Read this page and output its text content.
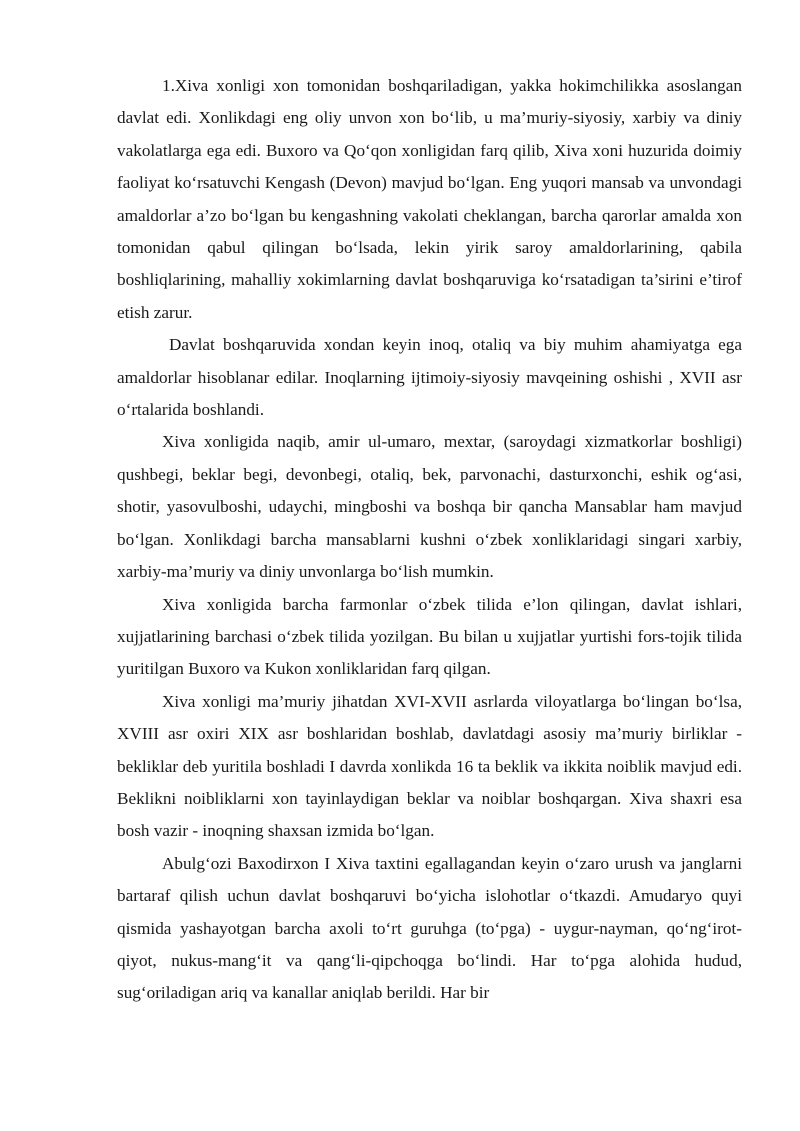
1.Xiva xonligi xon tomonidan boshqariladigan, yakka hokimchilikka asoslangan davlat edi. Xonlikdagi eng oliy unvon xon bo‘lib, u ma’muriy-siyosiy, xarbiy va diniy vakolatlarga ega edi. Buxoro va Qo‘qon xonligidan farq qilib, Xiva xoni huzurida doimiy faoliyat ko‘rsatuvchi Kengash (Devon) mavjud bo‘lgan. Eng yuqori mansab va unvondagi amaldorlar a’zo bo‘lgan bu kengashning vakolati cheklangan, barcha qarorlar amalda xon tomonidan qabul qilingan bo‘lsada, lekin yirik saroy amaldorlarining, qabila boshliqlarining, mahalliy xokimlarning davlat boshqaruviga ko‘rsatadigan ta’sirini e’tirof etish zarur.

Davlat boshqaruvida xondan keyin inoq, otaliq va biy muhim ahamiyatga ega amaldorlar hisoblanar edilar. Inoqlarning ijtimoiy-siyosiy mavqeining oshishi , XVII asr o‘rtalarida boshlandi.

Xiva xonligida naqib, amir ul-umaro, mextar, (saroydagi xizmatkorlar boshligi) qushbegi, beklar begi, devonbegi, otaliq, bek, parvonachi, dasturxonchi, eshik og‘asi, shotir, yasovulboshi, udaychi, mingboshi va boshqa bir qancha Mansablar ham mavjud bo‘lgan. Xonlikdagi barcha mansablarni kushni o‘zbek xonliklaridagi singari xarbiy, xarbiy-ma’muriy va diniy unvonlarga bo‘lish mumkin.

Xiva xonligida barcha farmonlar o‘zbek tilida e’lon qilingan, davlat ishlari, xujjatlarining barchasi o‘zbek tilida yozilgan. Bu bilan u xujjatlar yurtishi fors-tojik tilida yuritilgan Buxoro va Kukon xonliklaridan farq qilgan.

Xiva xonligi ma’muriy jihatdan XVI-XVII asrlarda viloyatlarga bo‘lingan bo‘lsa, XVIII asr oxiri XIX asr boshlaridan boshlab, davlatdagi asosiy ma’muriy birliklar - bekliklar deb yuritila boshladi I davrda xonlikda 16 ta beklik va ikkita noiblik mavjud edi. Beklikni noibliklarni xon tayinlaydigan beklar va noiblar boshqargan. Xiva shaxri esa bosh vazir - inoqning shaxsan izmida bo‘lgan.

Abulg‘ozi Baxodirxon I Xiva taxtini egallagandan keyin o‘zaro urush va janglarni bartaraf qilish uchun davlat boshqaruvi bo‘yicha islohotlar o‘tkazdi. Amudaryo quyi qismida yashayotgan barcha axoli to‘rt guruhga (to‘pga) - uygur-nayman, qo‘ng‘irot-qiyot, nukus-mang‘it va qang‘li-qipchoqga bo‘lindi. Har to‘pga alohida hudud, sug‘oriladigan ariq va kanallar aniqlab berildi. Har bir
